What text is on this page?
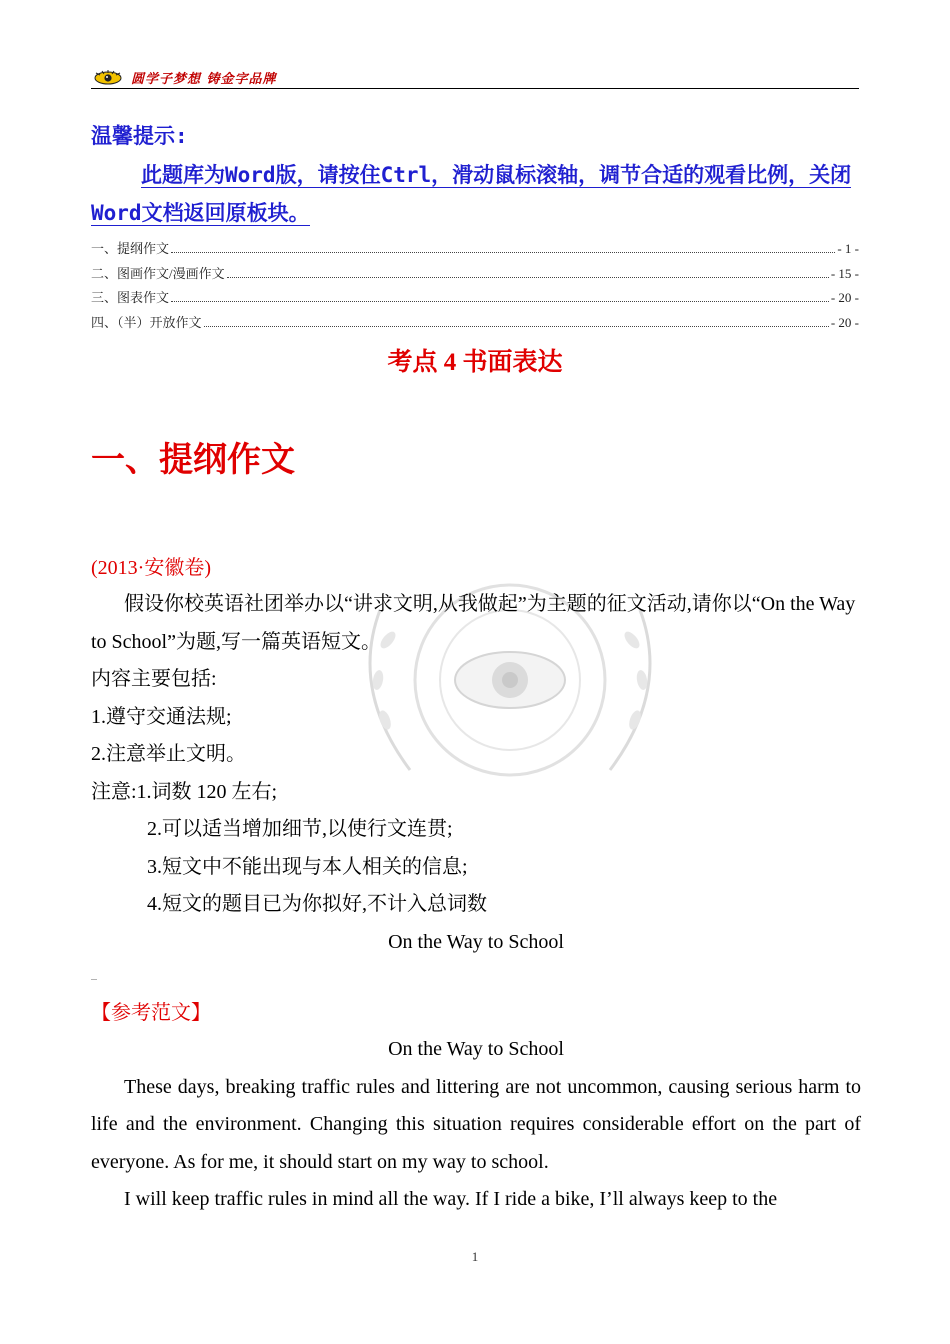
圆学子梦想 铸金字品牌
温馨提示:
此题库为Word版，请按住Ctrl，滑动鼠标滚轴，调节合适的观看比例，关闭Word文档返回原板块。
一、提纲作文	- 1 -
二、图画作文/漫画作文	- 15 -
三、图表作文	- 20 -
四、（半）开放作文	- 20 -
考点 4 书面表达
一、提纲作文
(2013·安徽卷)
假设你校英语社团举办以“讲求文明,从我做起”为主题的征文活动,请你以“On the Way to School”为题,写一篇英语短文。
内容主要包括:
1.遵守交通法规;
2.注意举止文明。
注意:1.词数 120 左右;
2.可以适当增加细节,以使行文连贯;
3.短文中不能出现与本人相关的信息;
4.短文的题目已为你拟好,不计入总词数
On the Way to School
...
【参考范文】
On the Way to School
These days, breaking traffic rules and littering are not uncommon, causing serious harm to life and the environment. Changing this situation requires considerable effort on the part of everyone. As for me, it should start on my way to school.
I will keep traffic rules in mind all the way. If I ride a bike, I’ll always keep to the
1
